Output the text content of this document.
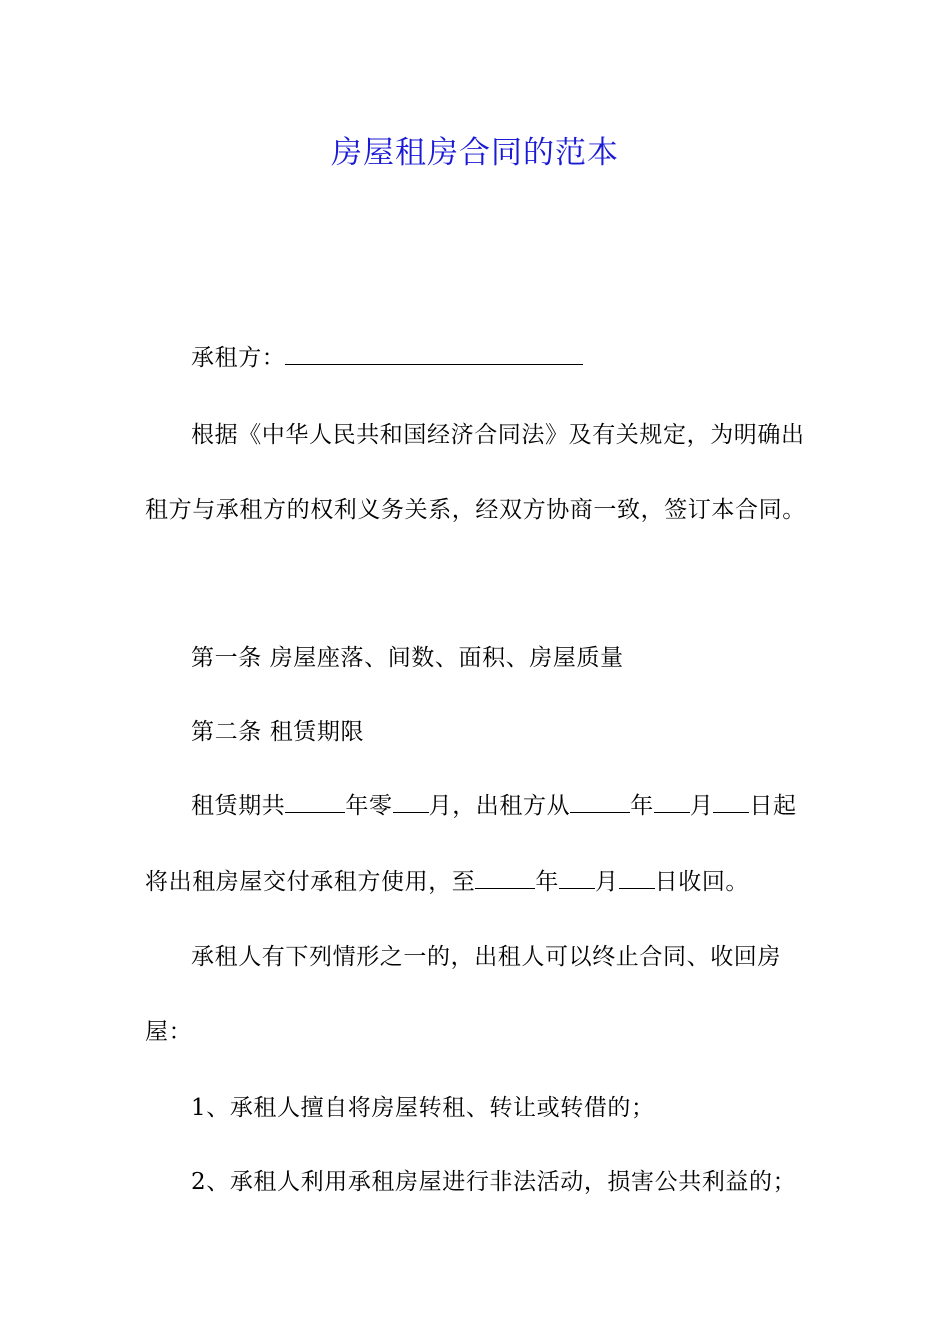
房屋租房合同的范本

承租方：

根据《中华人民共和国经济合同法》及有关规定，为明确出租方与承租方的权利义务关系，经双方协商一致，签订本合同。

第一条 房屋座落、间数、面积、房屋质量

第二条 租赁期限

租赁期共	年零 月，出租方从	年 月 日起

将出租房屋交付承租方使用，至	年 月 日收回。

承租人有下列情形之一的，出租人可以终止合同、收回房屋：

1、承租人擅自将房屋转租、转让或转借的；

2、承租人利用承租房屋进行非法活动，损害公共利益的；
